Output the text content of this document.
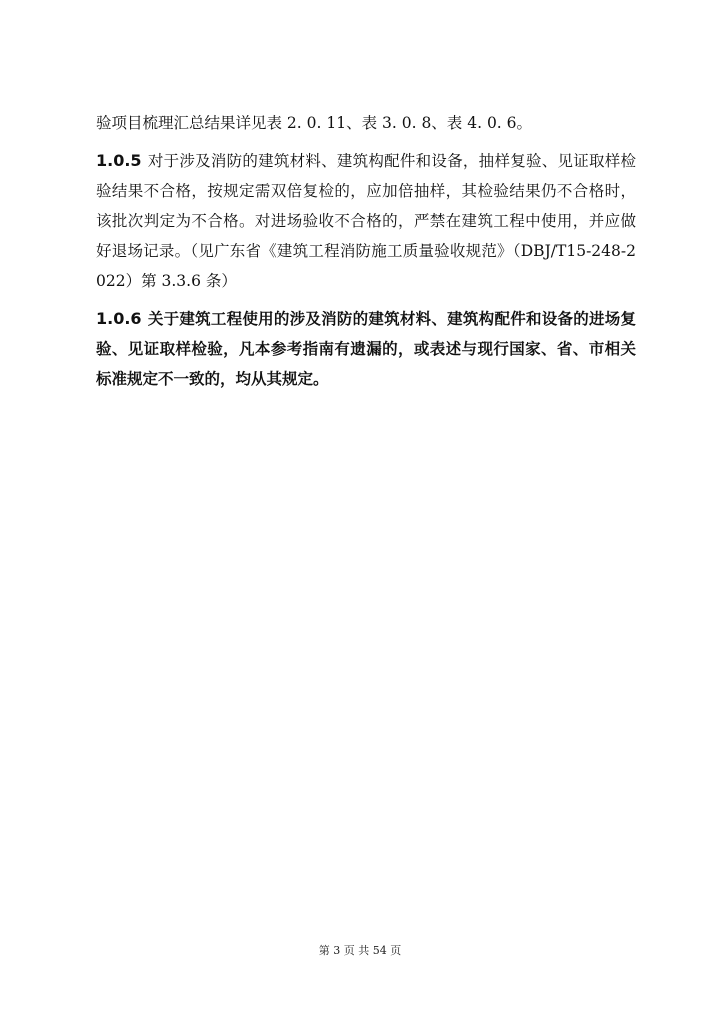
验项目梳理汇总结果详见表 2. 0. 11、表 3. 0. 8、表 4. 0. 6。

1.0.5 对于涉及消防的建筑材料、建筑构配件和设备，抽样复验、见证取样检验结果不合格，按规定需双倍复检的，应加倍抽样，其检验结果仍不合格时，该批次判定为不合格。对进场验收不合格的，严禁在建筑工程中使用，并应做好退场记录。（见广东省《建筑工程消防施工质量验收规范》（DBJ/T15-248-2022）第 3.3.6 条）

1.0.6 关于建筑工程使用的涉及消防的建筑材料、建筑构配件和设备的进场复验、见证取样检验，凡本参考指南有遗漏的，或表述与现行国家、省、市相关标准规定不一致的，均从其规定。

第 3 页 共 54 页
